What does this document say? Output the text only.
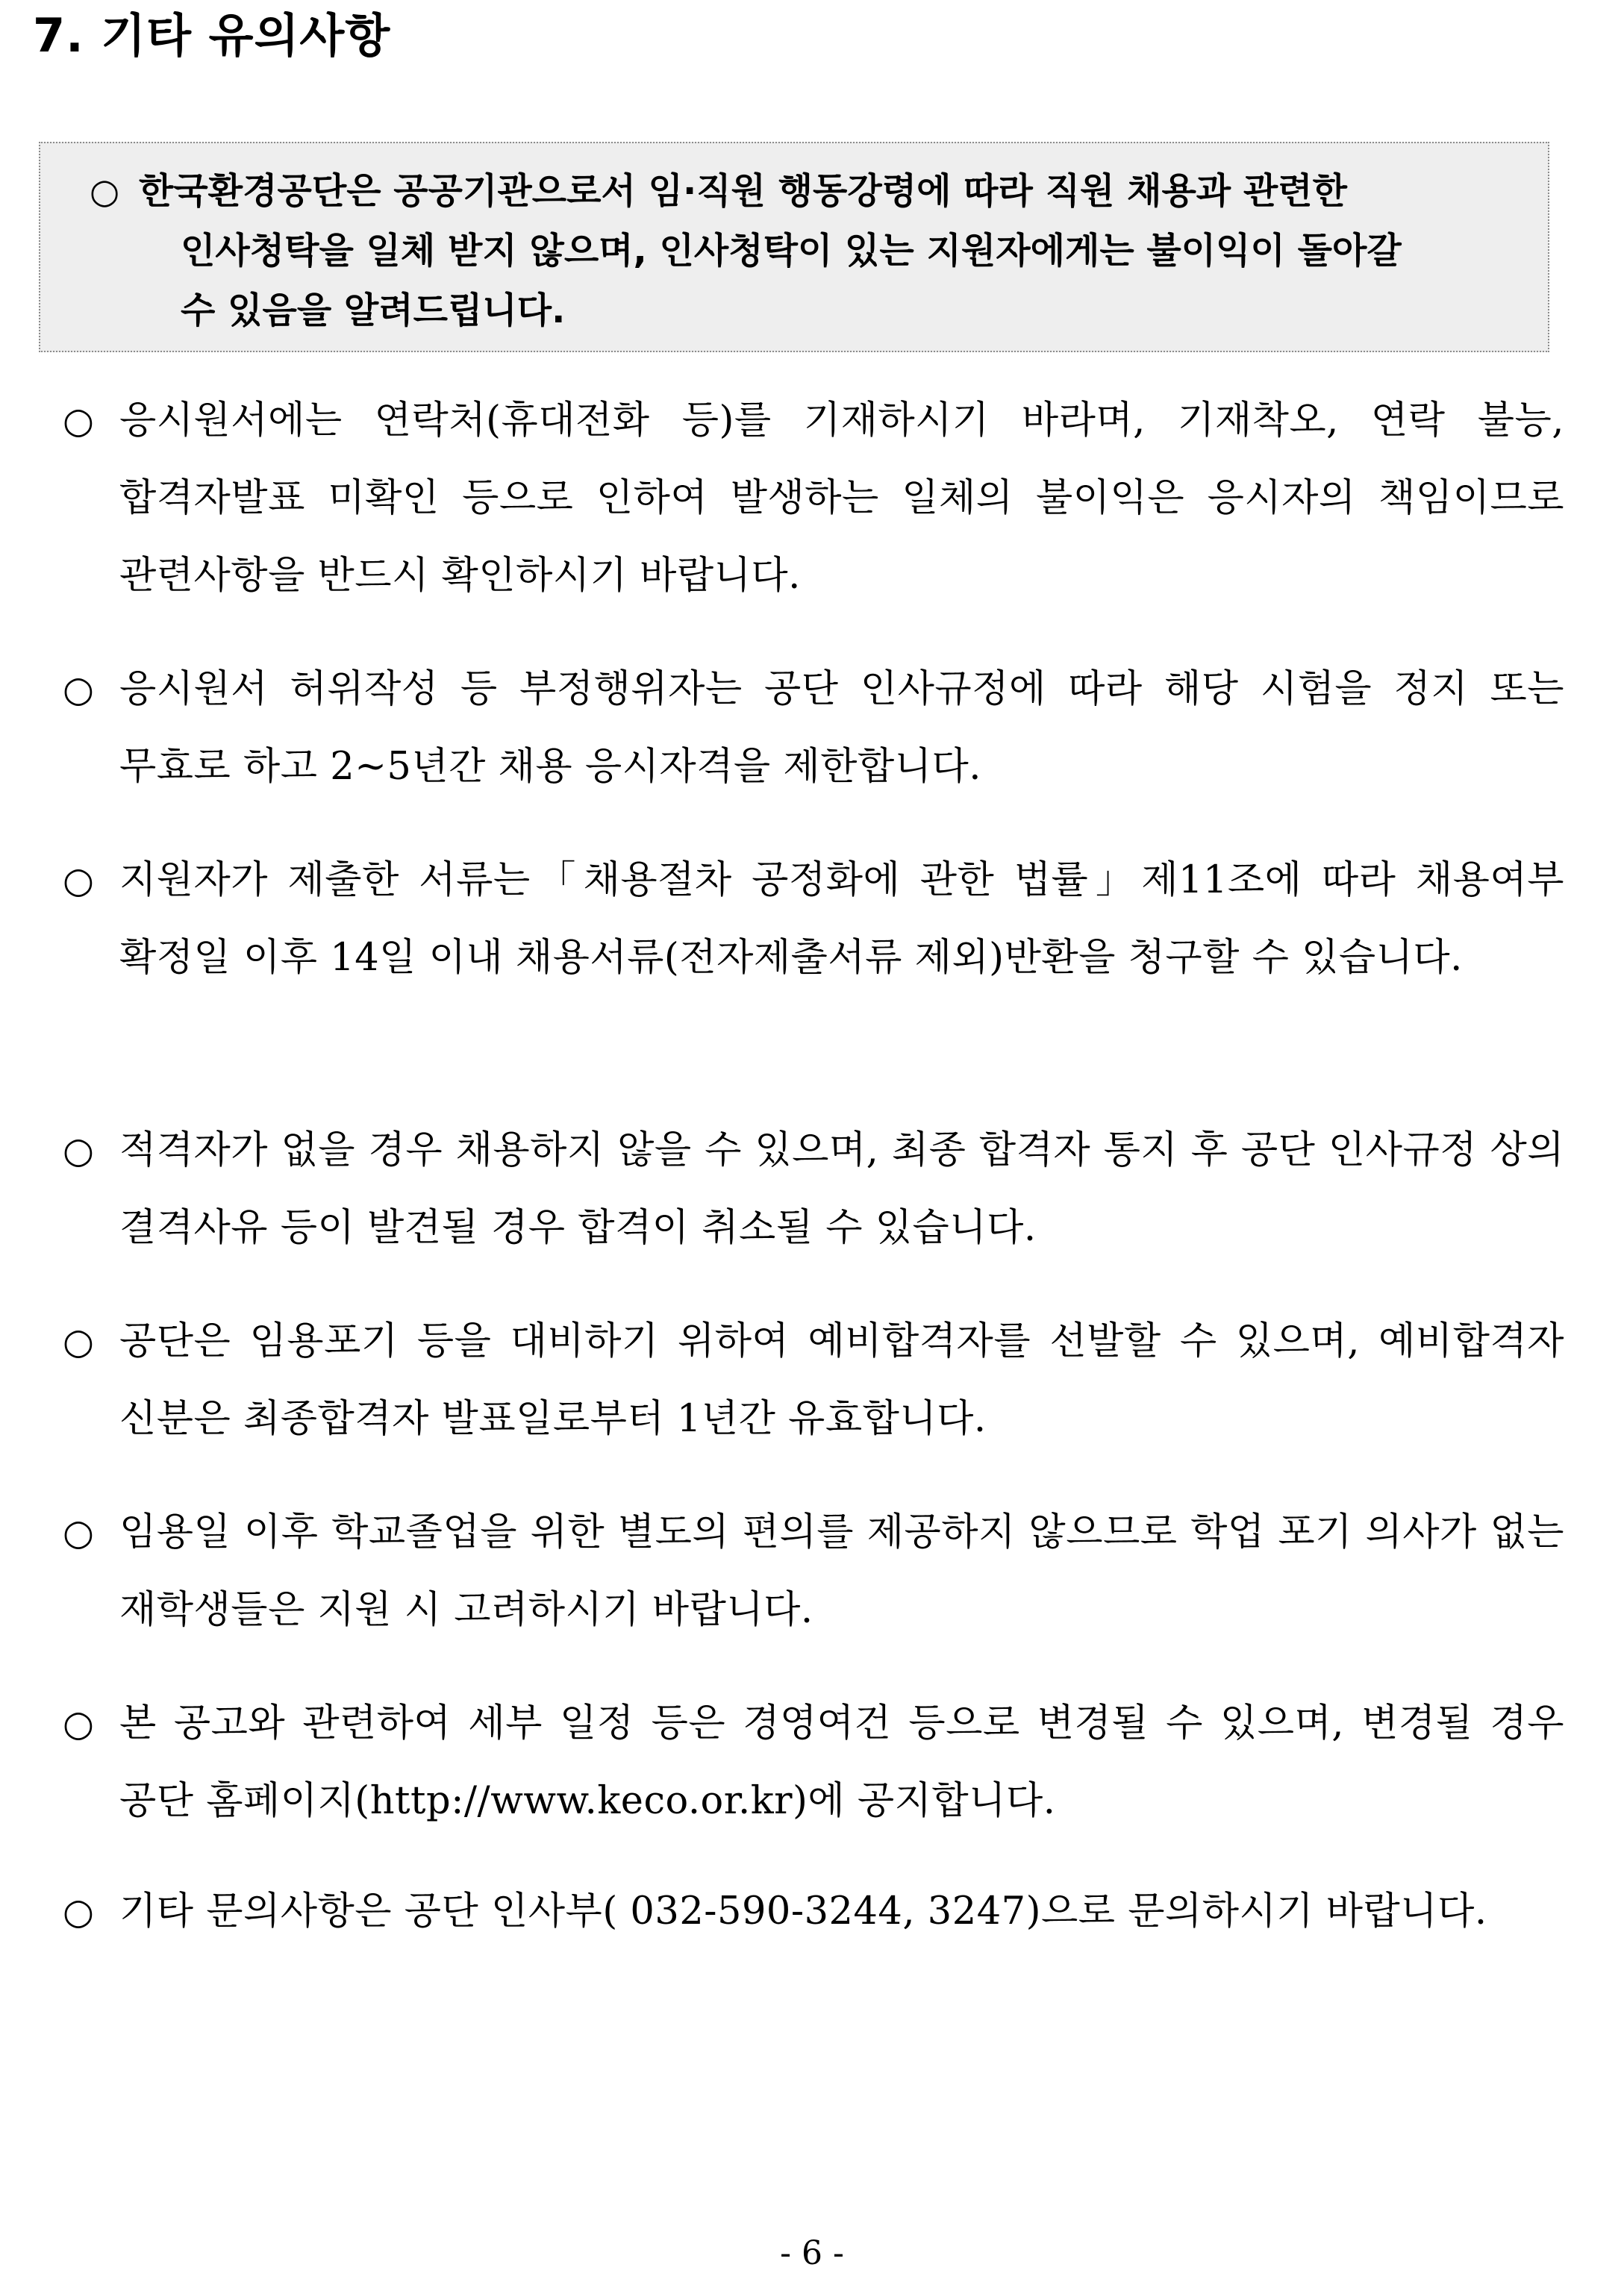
7. 기타 유의사항
○ 한국환경공단은 공공기관으로서 임·직원 행동강령에 따라 직원 채용과 관련한
인사청탁을 일체 받지 않으며, 인사청탁이 있는 지원자에게는 불이익이 돌아갈
수 있음을 알려드립니다.

○ 응시원서에는 연락처(휴대전화 등)를 기재하시기 바라며, 기재착오, 연락 불능, 합격자발표 미확인 등으로 인하여 발생하는 일체의 불이익은 응시자의 책임이므로 관련사항을 반드시 확인하시기 바랍니다.

○ 응시원서 허위작성 등 부정행위자는 공단 인사규정에 따라 해당 시험을 정지 또는 무효로 하고 2~5년간 채용 응시자격을 제한합니다.

○ 지원자가 제출한 서류는「채용절차 공정화에 관한 법률」제11조에 따라 채용여부 확정일 이후 14일 이내 채용서류(전자제출서류 제외)반환을 청구할 수 있습니다.

○ 적격자가 없을 경우 채용하지 않을 수 있으며, 최종 합격자 통지 후 공단 인사규정 상의 결격사유 등이 발견될 경우 합격이 취소될 수 있습니다.

○ 공단은 임용포기 등을 대비하기 위하여 예비합격자를 선발할 수 있으며, 예비합격자 신분은 최종합격자 발표일로부터 1년간 유효합니다.

○ 임용일 이후 학교졸업을 위한 별도의 편의를 제공하지 않으므로 학업 포기 의사가 없는 재학생들은 지원 시 고려하시기 바랍니다.

○ 본 공고와 관련하여 세부 일정 등은 경영여건 등으로 변경될 수 있으며, 변경될 경우 공단 홈페이지(http://www.keco.or.kr)에 공지합니다.

○ 기타 문의사항은 공단 인사부( 032-590-3244, 3247)으로 문의하시기 바랍니다.

- 6 -
